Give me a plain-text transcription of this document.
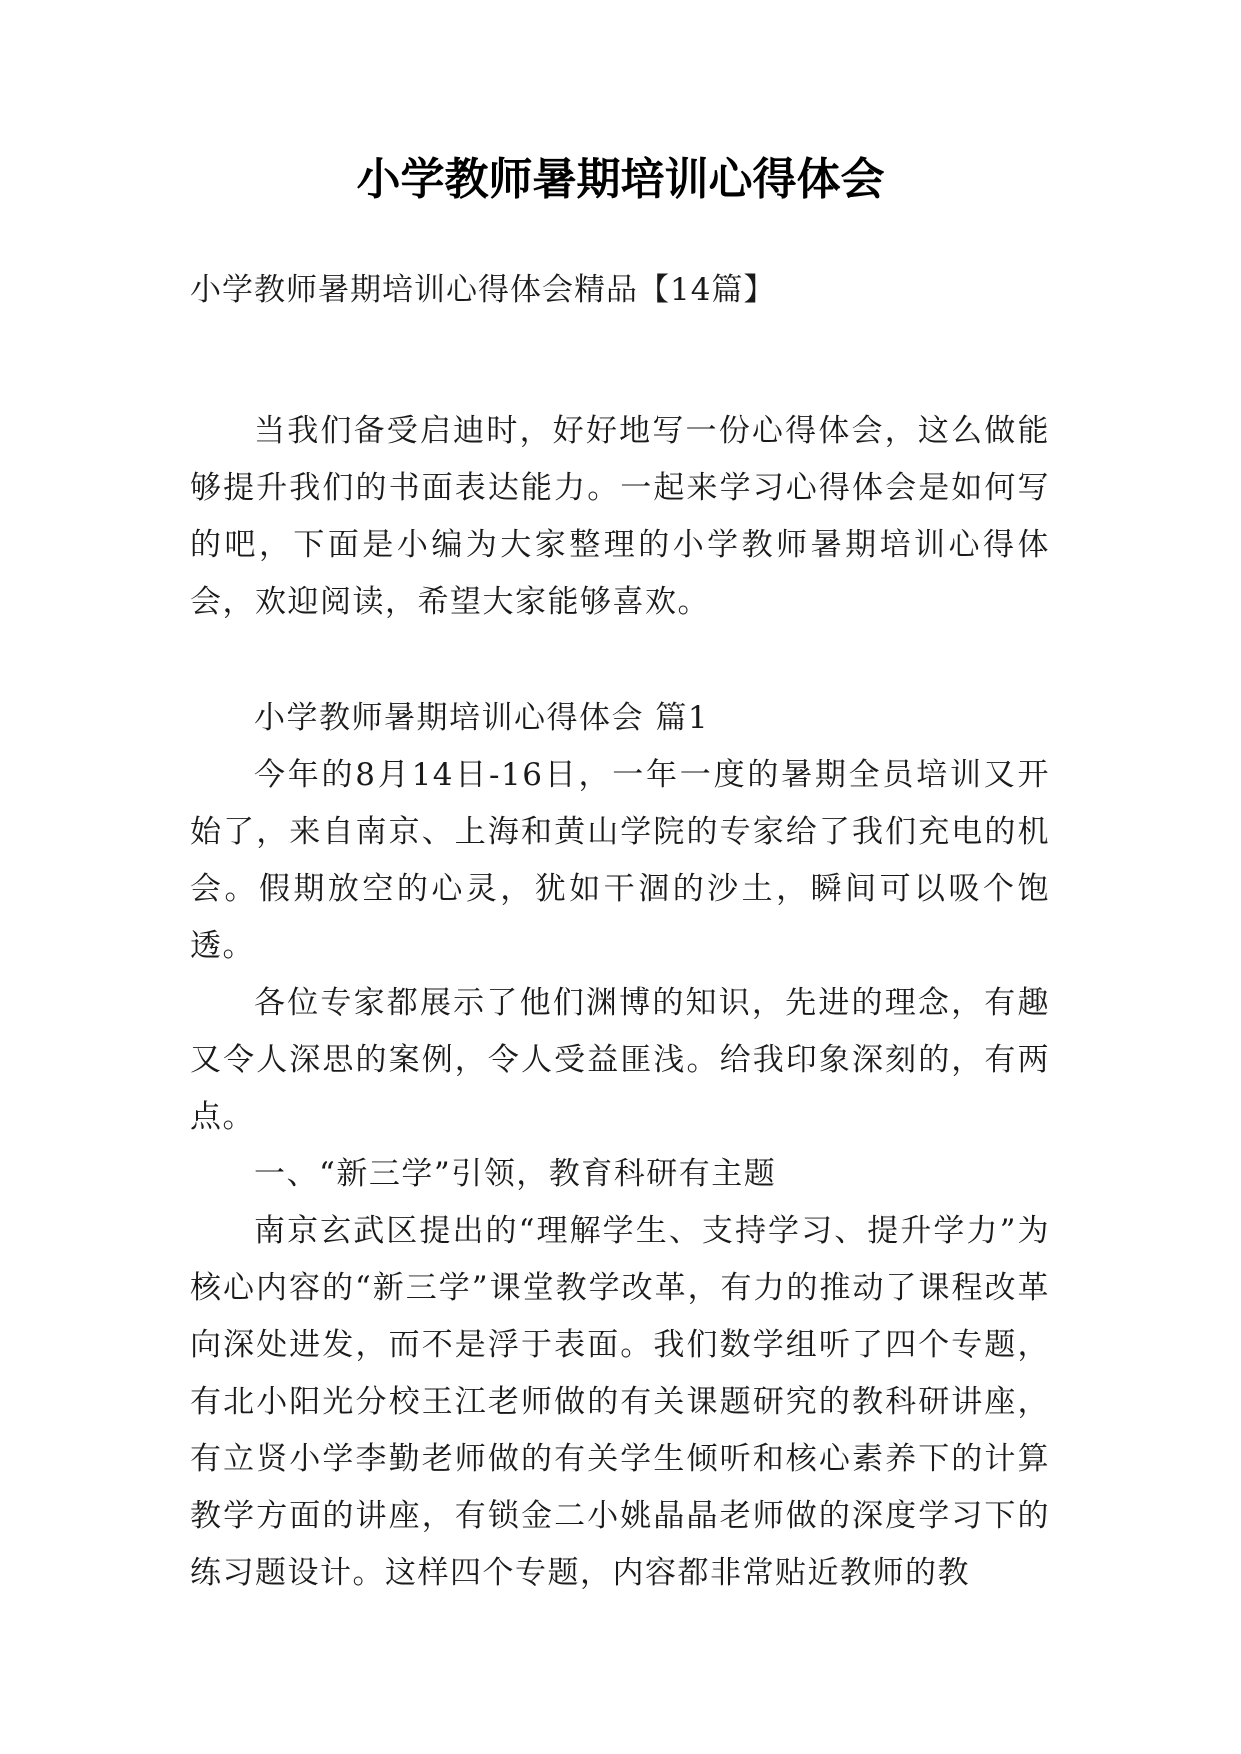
小学教师暑期培训心得体会

小学教师暑期培训心得体会精品【14篇】

当我们备受启迪时，好好地写一份心得体会，这么做能够提升我们的书面表达能力。一起来学习心得体会是如何写的吧，下面是小编为大家整理的小学教师暑期培训心得体会，欢迎阅读，希望大家能够喜欢。

小学教师暑期培训心得体会 篇1

今年的8月14日-16日，一年一度的暑期全员培训又开始了，来自南京、上海和黄山学院的专家给了我们充电的机会。假期放空的心灵，犹如干涸的沙土，瞬间可以吸个饱透。

各位专家都展示了他们渊博的知识，先进的理念，有趣又令人深思的案例，令人受益匪浅。给我印象深刻的，有两点。

一、“新三学”引领，教育科研有主题

南京玄武区提出的“理解学生、支持学习、提升学力”为核心内容的“新三学”课堂教学改革，有力的推动了课程改革向深处进发，而不是浮于表面。我们数学组听了四个专题，有北小阳光分校王江老师做的有关课题研究的教科研讲座，有立贤小学李勤老师做的有关学生倾听和核心素养下的计算教学方面的讲座，有锁金二小姚晶晶老师做的深度学习下的练习题设计。这样四个专题，内容都非常贴近教师的教
